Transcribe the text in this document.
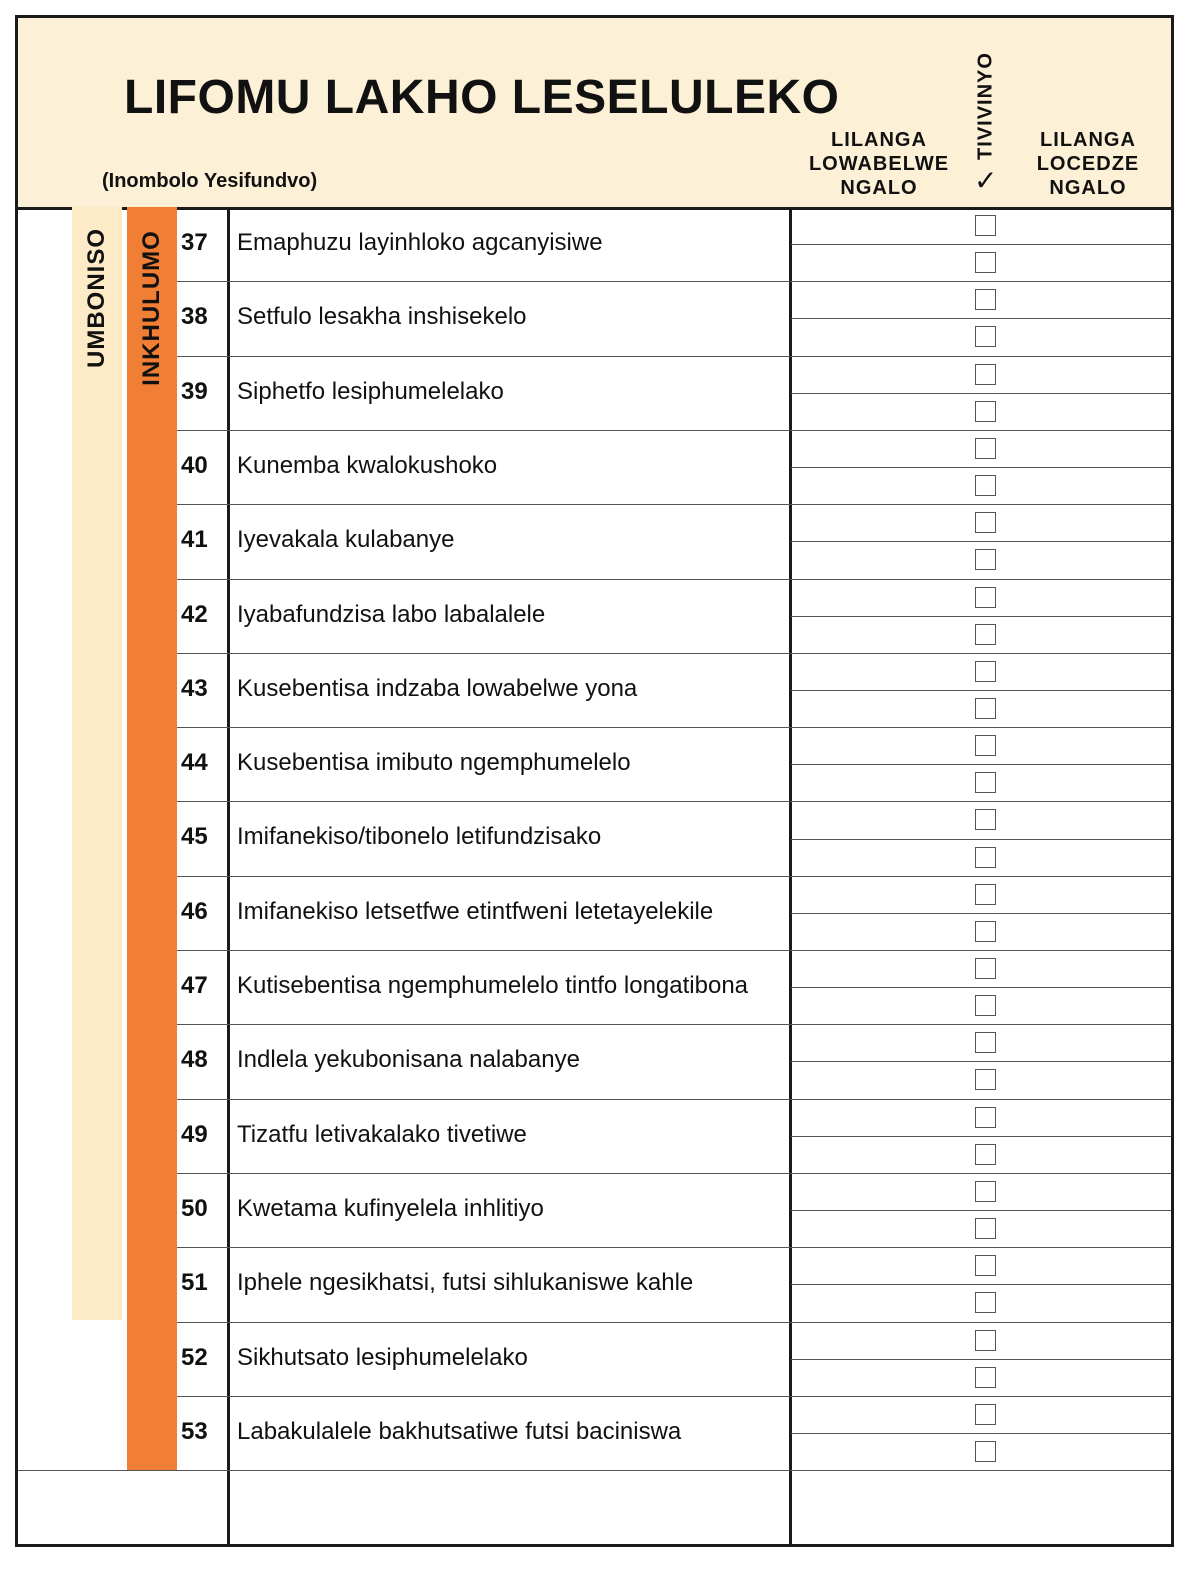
LIFOMU LAKHO LESELULEKO
(Inombolo Yesifundvo)
LILANGA
LOWABELWE
NGALO
TIVIVINYO
✓
LILANGA
LOCEDZE
NGALO
UMBONISO INKHULUMO 37 Emaphuzu layinhloko agcanyisiwe
38 Setfulo lesakha inshisekelo
39 Siphetfo lesiphumelelako
40 Kunemba kwalokushoko
41 Iyevakala kulabanye
42 Iyabafundzisa labo labalalele
43 Kusebentisa indzaba lowabelwe yona
44 Kusebentisa imibuto ngemphumelelo
45 Imifanekiso/tibonelo letifundzisako
46 Imifanekiso letsetfwe etintfweni letetayelekile
47 Kutisebentisa ngemphumelelo tintfo longatibona
48 Indlela yekubonisana nalabanye
49 Tizatfu letivakalako tivetiwe
50 Kwetama kufinyelela inhlitiyo
51 Iphele ngesikhatsi, futsi sihlukaniswe kahle
52 Sikhutsato lesiphumelelako
53 Labakulalele bakhutsatiwe futsi baciniswa
